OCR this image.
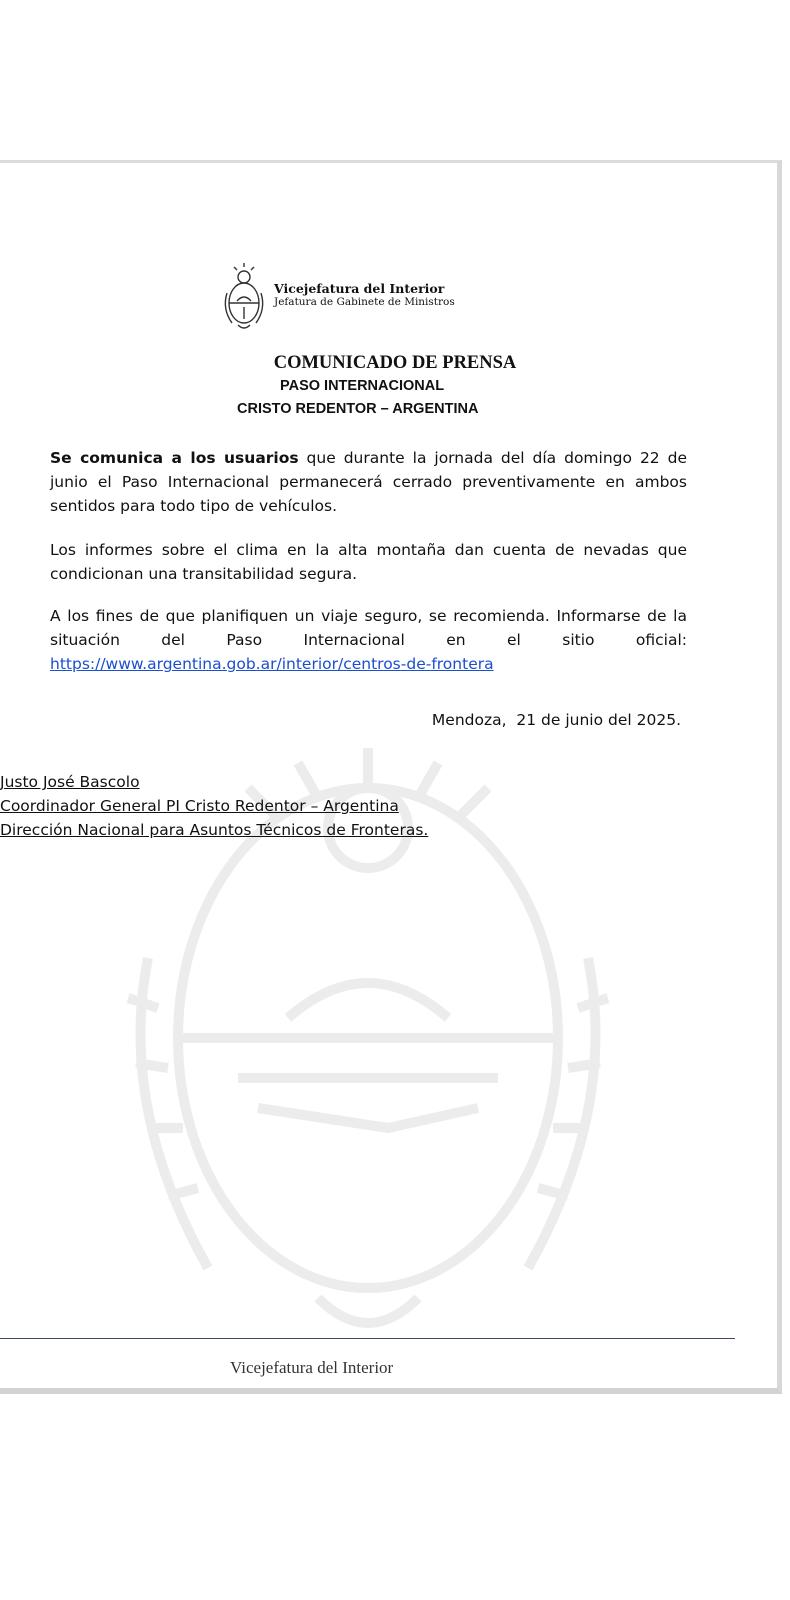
Vicejefatura del Interior
Jefatura de Gabinete de Ministros
COMUNICADO DE PRENSA
PASO INTERNACIONAL
CRISTO REDENTOR – ARGENTINA

Se comunica a los usuarios que durante la jornada del día domingo 22 de junio el Paso Internacional permanecerá cerrado preventivamente en ambos sentidos para todo tipo de vehículos.

Los informes sobre el clima en la alta montaña dan cuenta de nevadas que condicionan una transitabilidad segura.

A los fines de que planifiquen un viaje seguro, se recomienda. Informarse de la situación del Paso Internacional en el sitio oficial: https://www.argentina.gob.ar/interior/centros-de-frontera

Mendoza,  21 de junio del 2025.
Justo José Bascolo
Coordinador General PI Cristo Redentor – Argentina
Dirección Nacional para Asuntos Técnicos de Fronteras.
Vicejefatura del Interior
